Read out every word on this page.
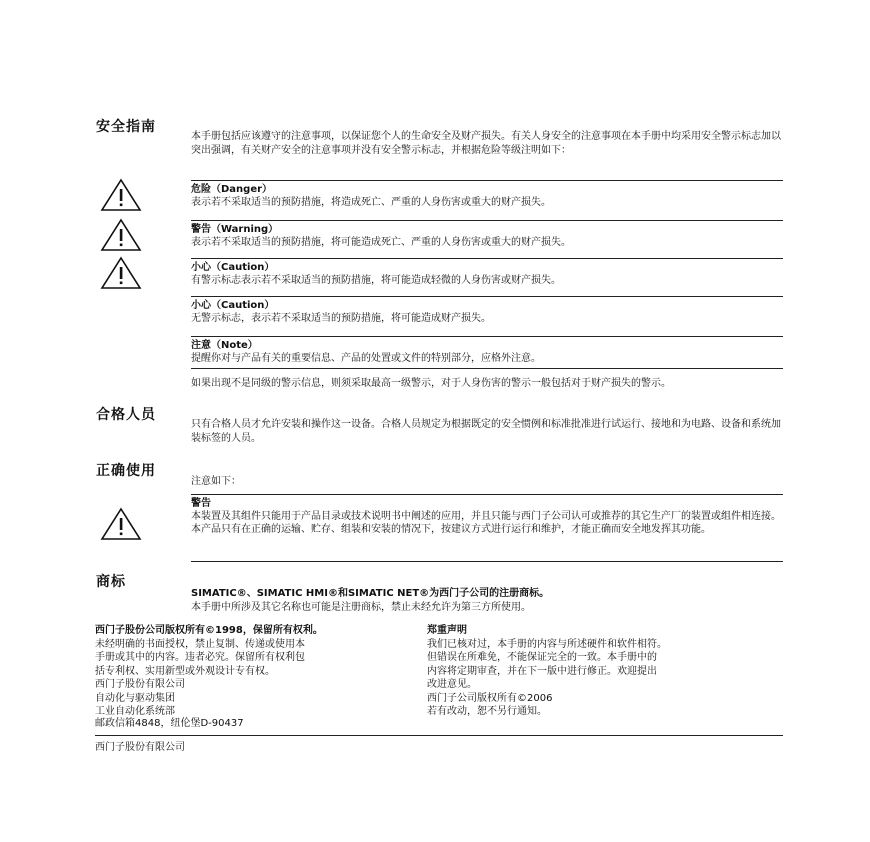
安全指南

本手册包括应该遵守的注意事项，以保证您个人的生命安全及财产损失。有关人身安全的注意事项在本手册中均采用安全警示标志加以突出强调，有关财产安全的注意事项并没有安全警示标志，并根据危险等级注明如下：

危险（Danger）
表示若不采取适当的预防措施，将造成死亡、严重的人身伤害或重大的财产损失。
警告（Warning）
表示若不采取适当的预防措施，将可能造成死亡、严重的人身伤害或重大的财产损失。
小心（Caution）
有警示标志表示若不采取适当的预防措施，将可能造成轻微的人身伤害或财产损失。
小心（Caution）
无警示标志，表示若不采取适当的预防措施，将可能造成财产损失。
注意（Note）
提醒你对与产品有关的重要信息、产品的处置或文件的特别部分，应格外注意。

如果出现不是同级的警示信息，则须采取最高一级警示，对于人身伤害的警示一般包括对于财产损失的警示。

合格人员

只有合格人员才允许安装和操作这一设备。合格人员规定为根据既定的安全惯例和标准批准进行试运行、接地和为电路、设备和系统加装标签的人员。

正确使用

注意如下：

警告
本装置及其组件只能用于产品目录或技术说明书中阐述的应用，并且只能与西门子公司认可或推荐的其它生产厂的装置或组件相连接。
本产品只有在正确的运输、贮存、组装和安装的情况下，按建议方式进行运行和维护，才能正确而安全地发挥其功能。
商标
SIMATIC®、SIMATIC HMI®和SIMATIC NET®为西门子公司的注册商标。
本手册中所涉及其它名称也可能是注册商标，禁止未经允许为第三方所使用。
西门子股份公司版权所有©1998，保留所有权利。
未经明确的书面授权，禁止复制、传递或使用本
手册或其中的内容。违者必究。保留所有权利包
括专利权、实用新型或外观设计专有权。
西门子股份有限公司
自动化与驱动集团
工业自动化系统部
郑重声明
我们已核对过，本手册的内容与所述硬件和软件相符。
但错误在所难免，不能保证完全的一致。本手册中的
内容将定期审查，并在下一版中进行修正。欢迎提出
改进意见。
西门子公司版权所有©2006
若有改动，恕不另行通知。
邮政信箱4848，纽伦堡D-90437
西门子股份有限公司
